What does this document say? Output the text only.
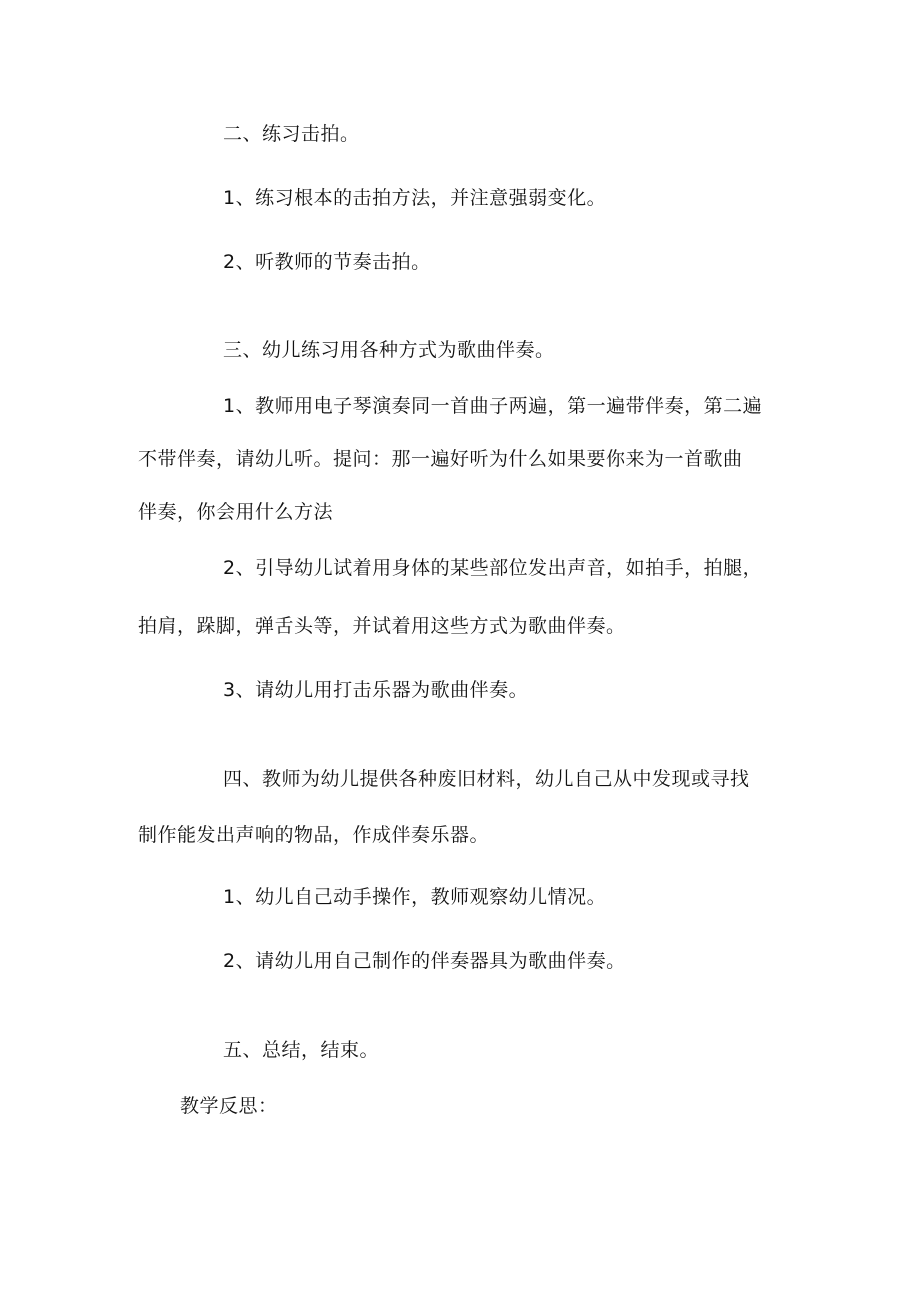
二、练习击拍。
1、练习根本的击拍方法，并注意强弱变化。
2、听教师的节奏击拍。
三、幼儿练习用各种方式为歌曲伴奏。
1、教师用电子琴演奏同一首曲子两遍，第一遍带伴奏，第二遍
不带伴奏，请幼儿听。提问：那一遍好听为什么如果要你来为一首歌曲
伴奏，你会用什么方法
2、引导幼儿试着用身体的某些部位发出声音，如拍手，拍腿，
拍肩，跺脚，弹舌头等，并试着用这些方式为歌曲伴奏。
3、请幼儿用打击乐器为歌曲伴奏。
四、教师为幼儿提供各种废旧材料，幼儿自己从中发现或寻找
制作能发出声响的物品，作成伴奏乐器。
1、幼儿自己动手操作，教师观察幼儿情况。
2、请幼儿用自己制作的伴奏器具为歌曲伴奏。
五、总结，结束。
教学反思：
